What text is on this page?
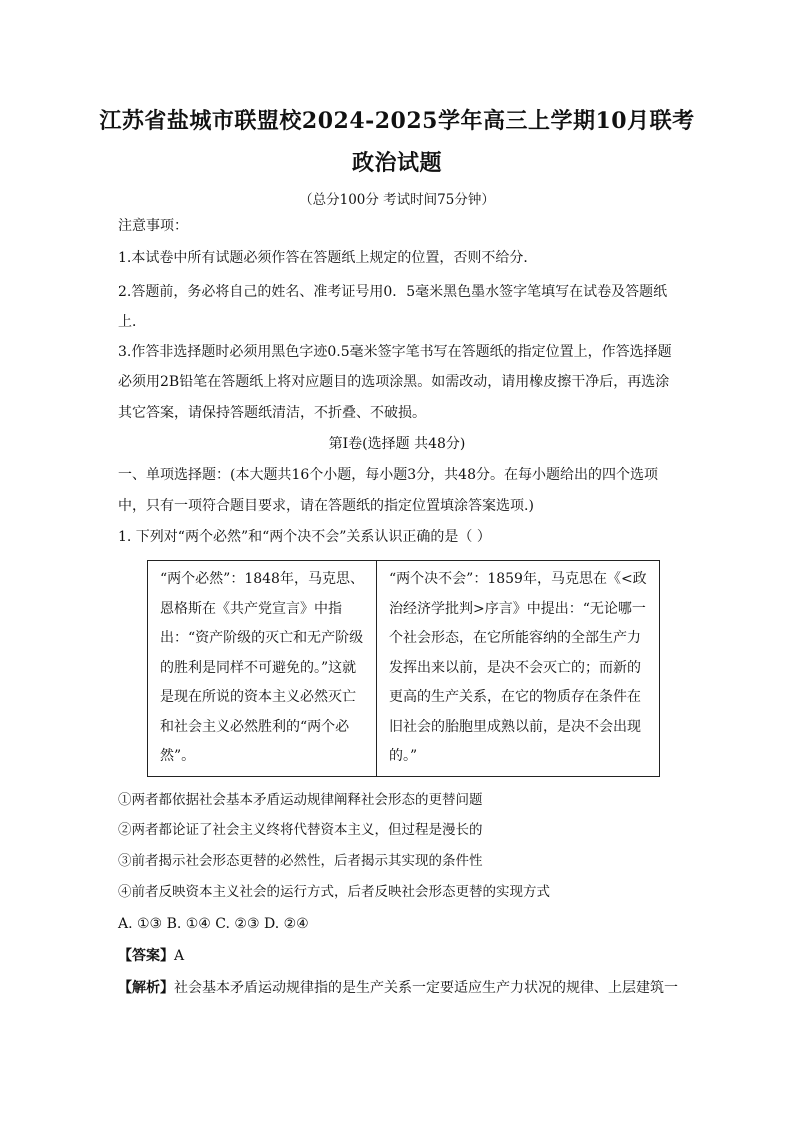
江苏省盐城市联盟校2024-2025学年高三上学期10月联考
政治试题
（总分100分 考试时间75分钟）

注意事项：

1.本试卷中所有试题必须作答在答题纸上规定的位置，否则不给分．

2.答题前，务必将自己的姓名、准考证号用0．5毫米黑色墨水签字笔填写在试卷及答题纸

上．

3.作答非选择题时必须用黑色字迹0.5毫米签字笔书写在答题纸的指定位置上，作答选择题

必须用2B铅笔在答题纸上将对应题目的选项涂黑。如需改动，请用橡皮擦干净后，再选涂

其它答案，请保持答题纸清洁，不折叠、不破损。

第Ⅰ卷(选择题 共48分)

一、单项选择题：(本大题共16个小题，每小题3分，共48分。在每小题给出的四个选项

中，只有一项符合题目要求，请在答题纸的指定位置填涂答案选项.)

1. 下列对“两个必然”和“两个决不会”关系认识正确的是（ ）

“两个必然”：1848年，马克思、恩格斯在《共产党宣言》中指出：“资产阶级的灭亡和无产阶级的胜利是同样不可避免的。”这就是现在所说的资本主义必然灭亡和社会主义必然胜利的“两个必然”。	“两个决不会”：1859年，马克思在《<政治经济学批判>序言》中提出：“无论哪一个社会形态，在它所能容纳的全部生产力发挥出来以前，是决不会灭亡的；而新的更高的生产关系，在它的物质存在条件在旧社会的胎胞里成熟以前，是决不会出现的。”

①两者都依据社会基本矛盾运动规律阐释社会形态的更替问题

②两者都论证了社会主义终将代替资本主义，但过程是漫长的

③前者揭示社会形态更替的必然性，后者揭示其实现的条件性

④前者反映资本主义社会的运行方式，后者反映社会形态更替的实现方式

A. ①③ B. ①④ C. ②③ D. ②④

【答案】A

【解析】社会基本矛盾运动规律指的是生产关系一定要适应生产力状况的规律、上层建筑一
